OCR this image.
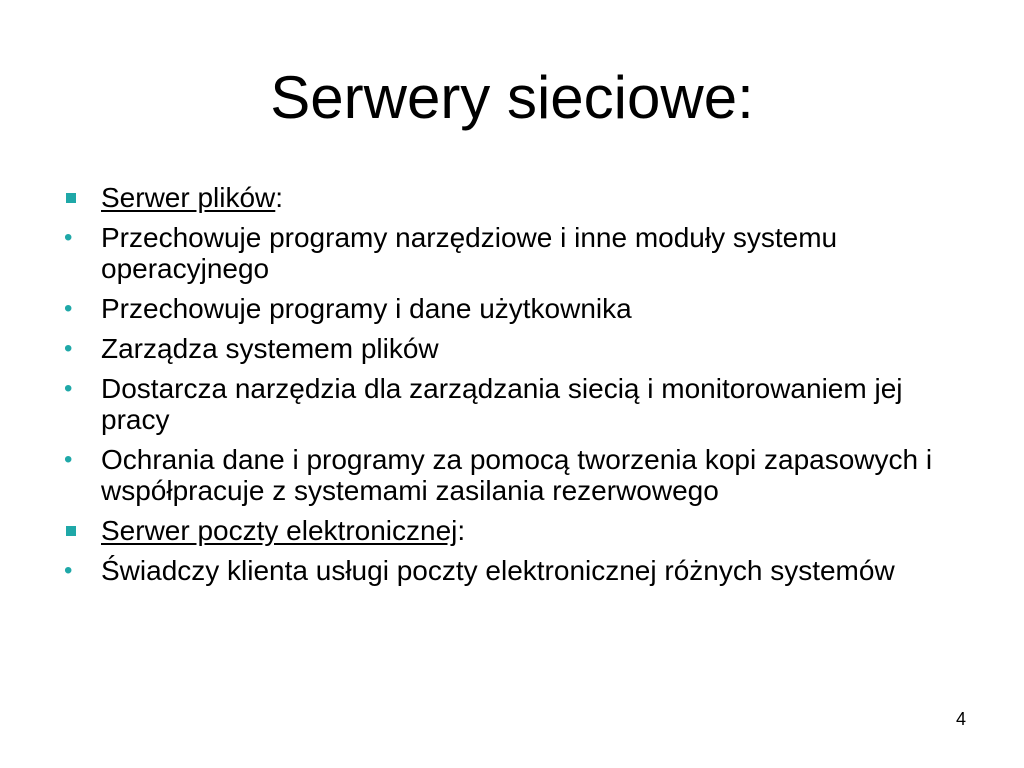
Serwery sieciowe:
Serwer plików:
•	Przechowuje programy narzędziowe i inne moduły systemu operacyjnego
•	Przechowuje programy i dane użytkownika
•	Zarządza systemem plików
•	Dostarcza narzędzia dla zarządzania siecią i monitorowaniem jej pracy
•	Ochrania dane i programy za pomocą tworzenia kopi zapasowych i współpracuje z systemami zasilania rezerwowego
Serwer poczty elektronicznej:
•	Świadczy klienta usługi poczty elektronicznej różnych systemów
4
